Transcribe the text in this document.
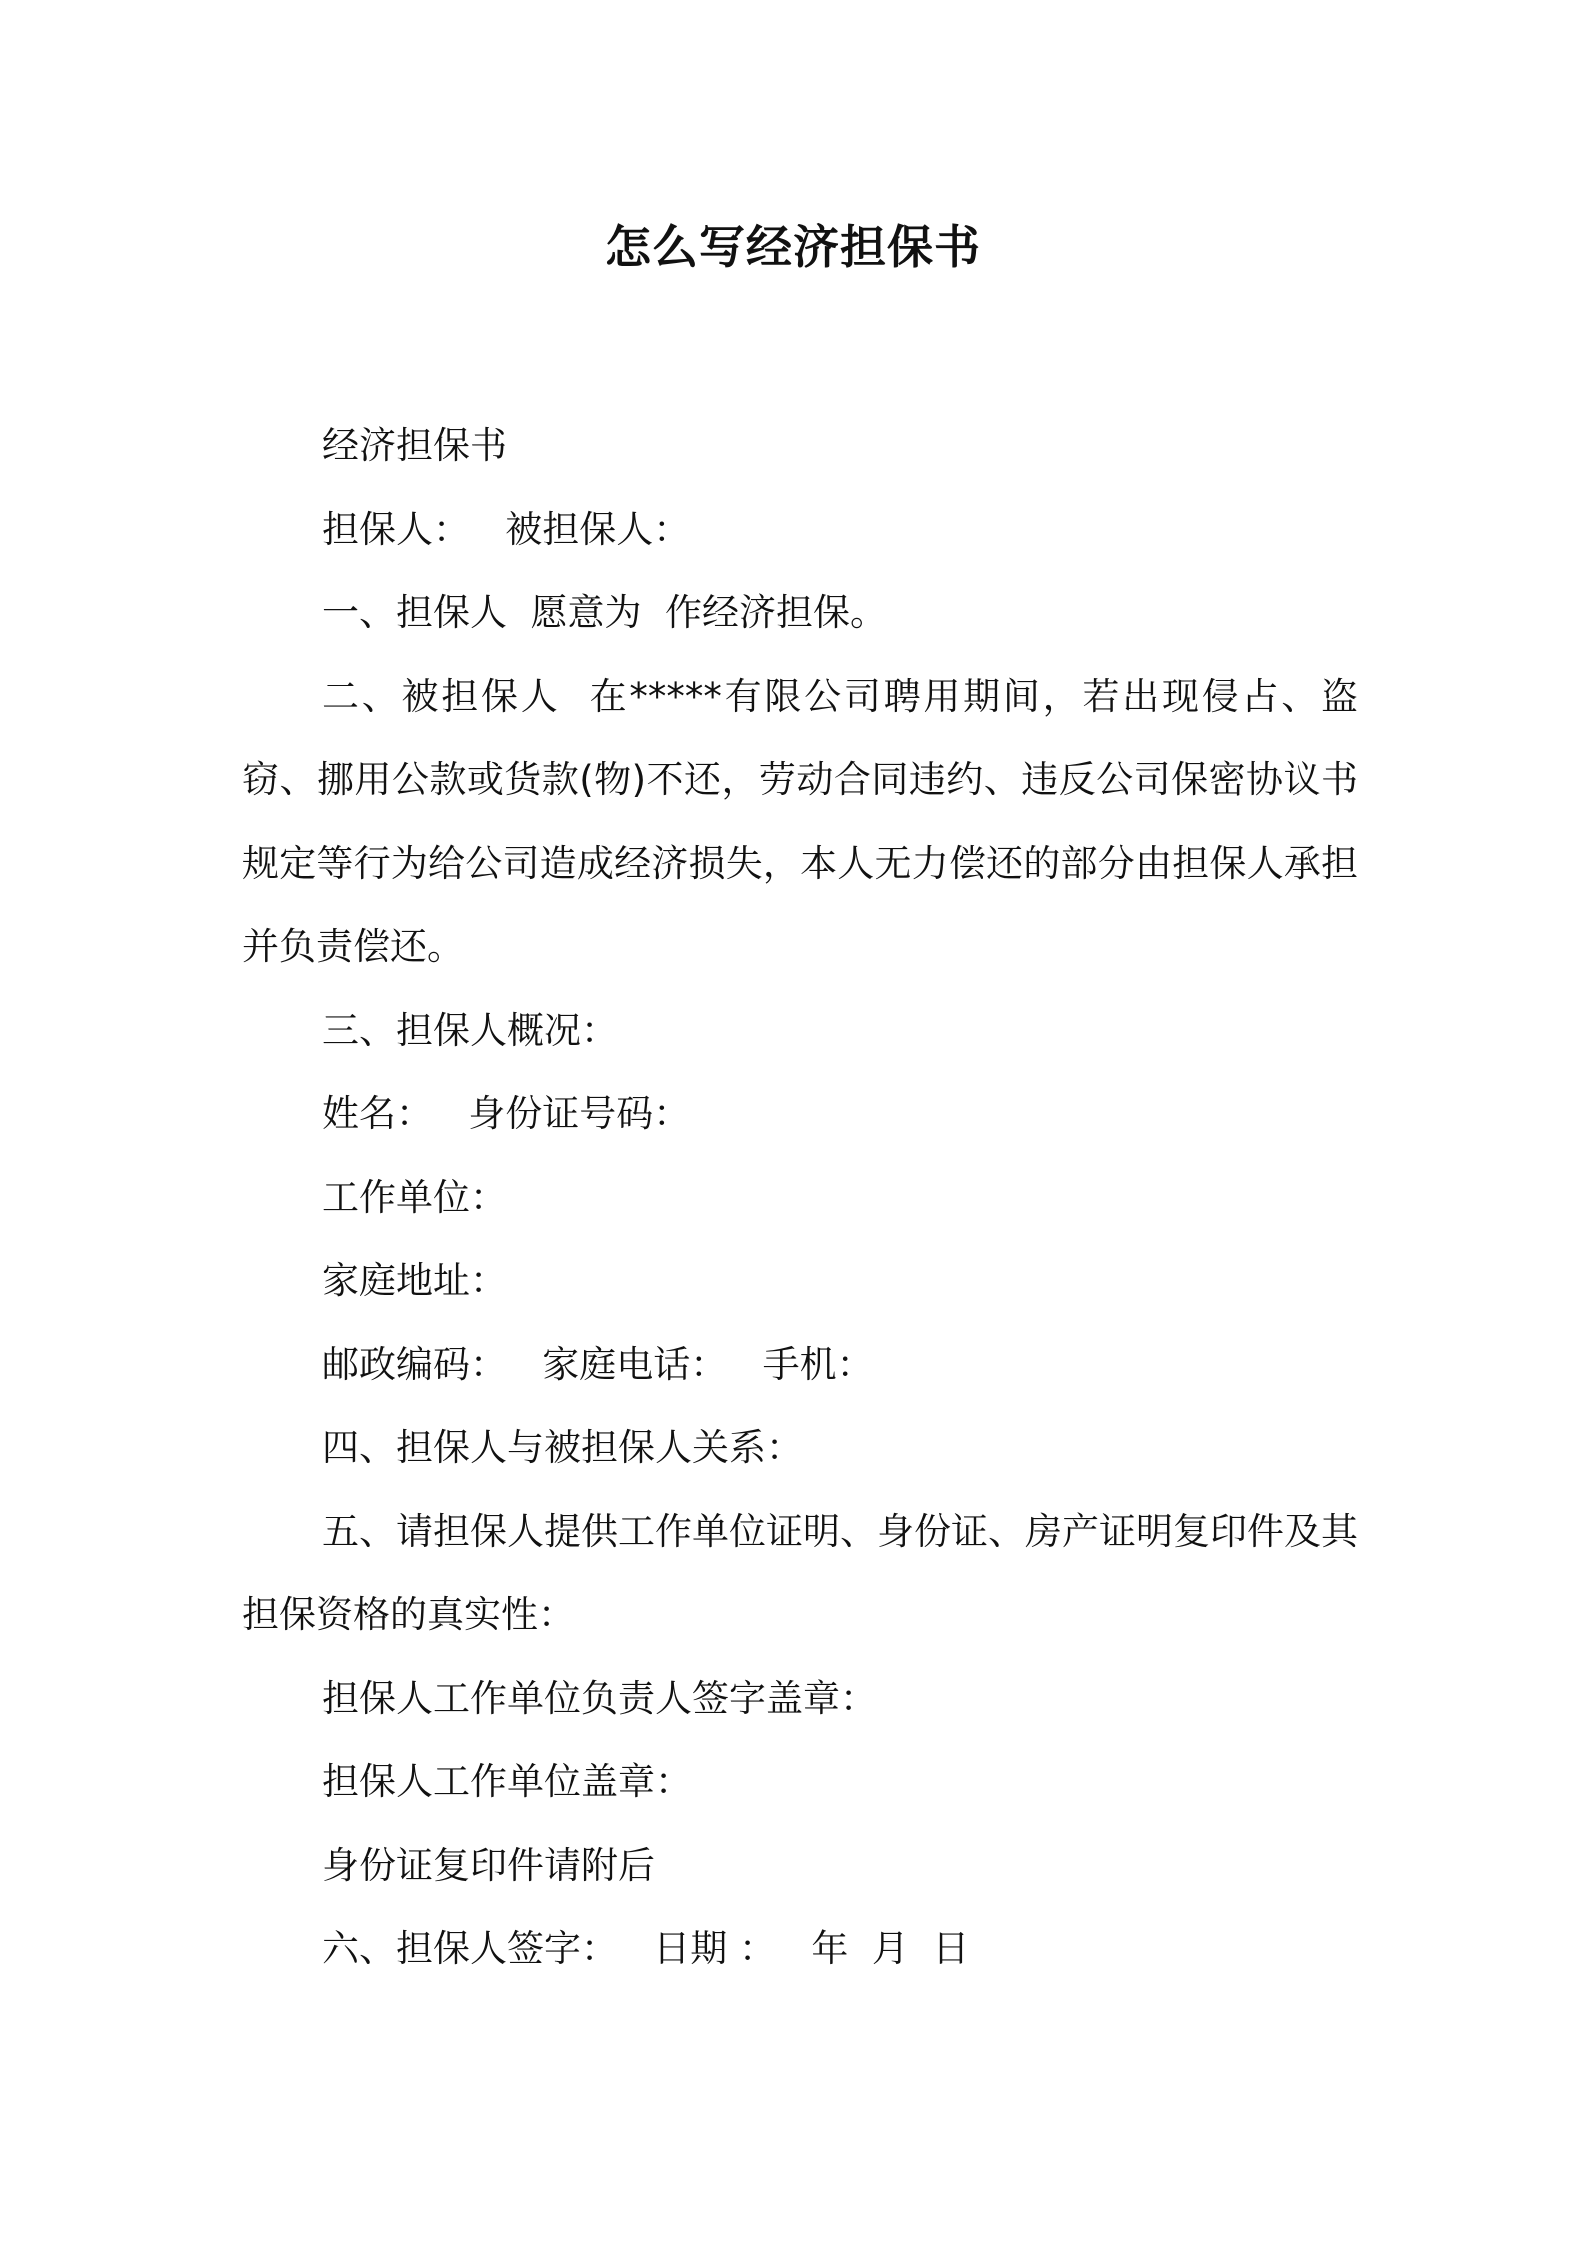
怎么写经济担保书

经济担保书

担保人：   被担保人：

一、担保人  愿意为  作经济担保。

二、被担保人  在*****有限公司聘用期间，若出现侵占、盗窃、挪用公款或货款(物)不还，劳动合同违约、违反公司保密协议书规定等行为给公司造成经济损失，本人无力偿还的部分由担保人承担并负责偿还。

三、担保人概况：

姓名：   身份证号码：

工作单位：

家庭地址：

邮政编码：   家庭电话：   手机：

四、担保人与被担保人关系：

五、请担保人提供工作单位证明、身份证、房产证明复印件及其担保资格的真实性：

担保人工作单位负责人签字盖章：

担保人工作单位盖章：

身份证复印件请附后

六、担保人签字：   日期 ：   年  月  日
